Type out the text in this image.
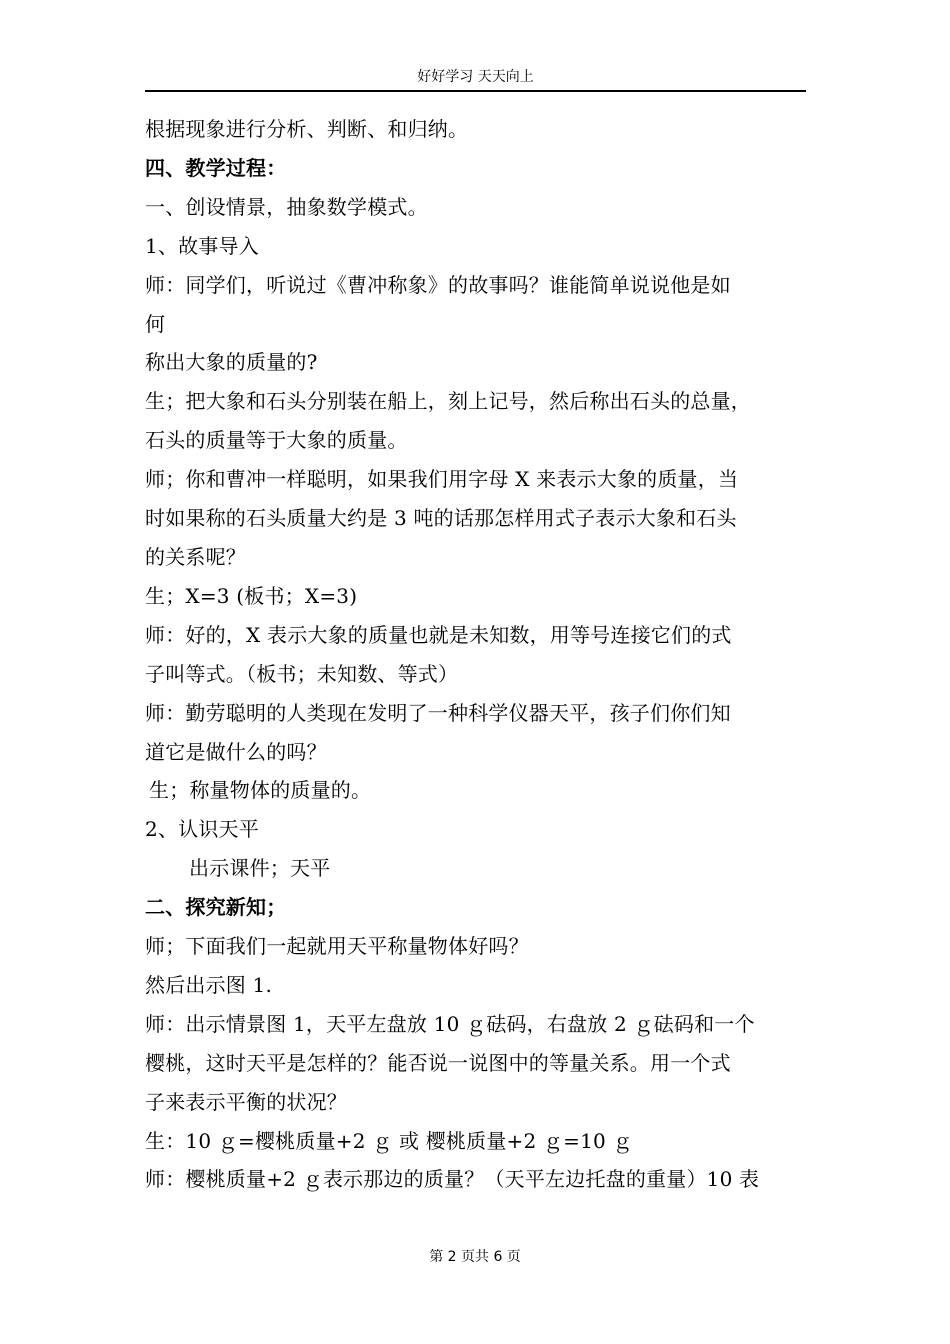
好好学习 天天向上
根据现象进行分析、判断、和归纳。
四、教学过程：
一、创设情景，抽象数学模式。
1、故事导入
师：同学们，听说过《曹冲称象》的故事吗？谁能简单说说他是如
何
称出大象的质量的?
生；把大象和石头分别装在船上，刻上记号，然后称出石头的总量，
石头的质量等于大象的质量。
师；你和曹冲一样聪明，如果我们用字母 X 来表示大象的质量，当
时如果称的石头质量大约是 3 吨的话那怎样用式子表示大象和石头
的关系呢？
生；X=3 (板书；X=3)
师：好的，X 表示大象的质量也就是未知数，用等号连接它们的式
子叫等式。（板书；未知数、等式）
师：勤劳聪明的人类现在发明了一种科学仪器天平，孩子们你们知
道它是做什么的吗？
生；称量物体的质量的。
2、认识天平
出示课件；天平
二、探究新知；
师；下面我们一起就用天平称量物体好吗？
然后出示图 1.
师：出示情景图 1，天平左盘放 10 ｇ砝码，右盘放 2 ｇ砝码和一个
樱桃，这时天平是怎样的？能否说一说图中的等量关系。用一个式
子来表示平衡的状况？
生：10 ｇ=樱桃质量+2 ｇ 或 樱桃质量+2 ｇ=10 ｇ
师：樱桃质量+2 ｇ表示那边的质量？（天平左边托盘的重量）10 表
第 2 页共 6 页
